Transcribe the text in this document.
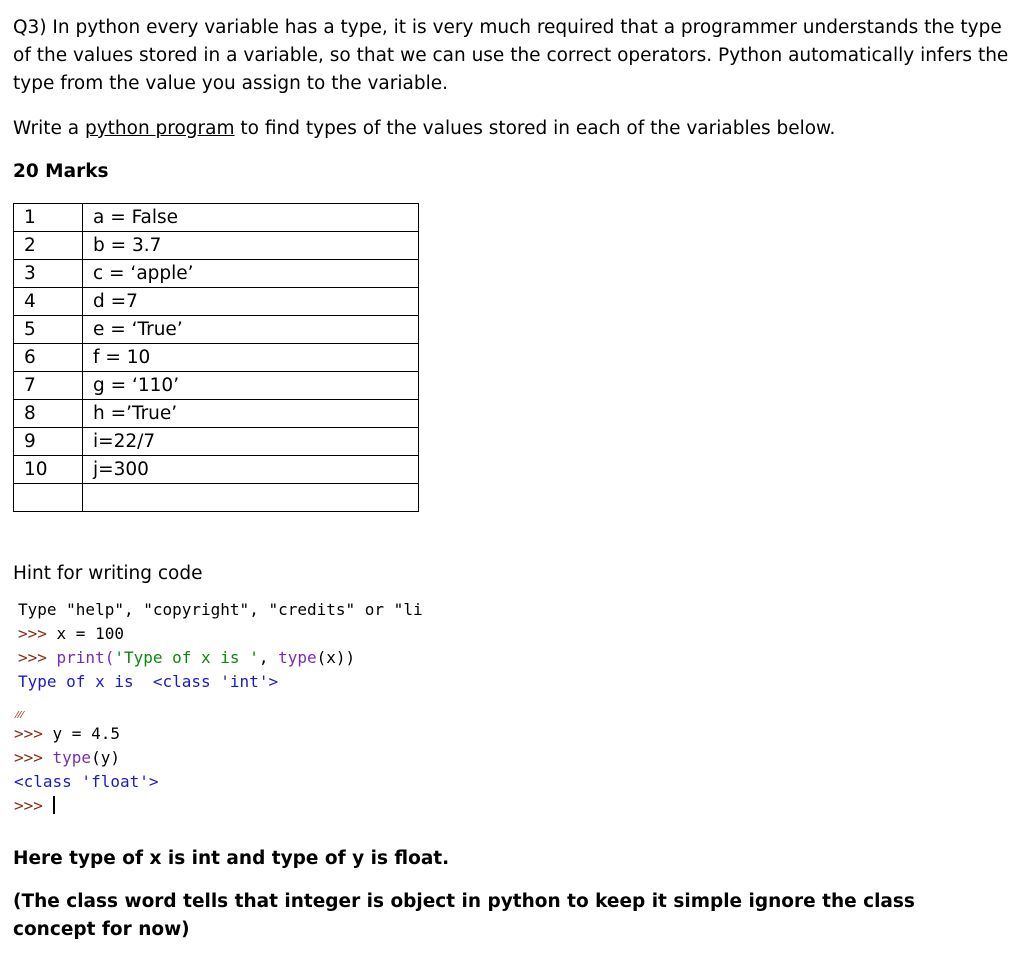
Q3) In python every variable has a type, it is very much required that a programmer understands the type of the values stored in a variable, so that we can use the correct operators. Python automatically infers the type from the value you assign to the variable.

Write a python program to find types of the values stored in each of the variables below.

20 Marks

1	a = False
2	b = 3.7
3	c = ‘apple’
4	d =7
5	e = ‘True’
6	f = 10
7	g = ‘110’
8	h =’True’
9	i=22/7
10	j=300

Hint for writing code

Type "help", "copyright", "credits" or "li
>>> x = 100
>>> print('Type of x is ', type(x))
Type of x is  <class 'int'>
⁄⁄⁄
>>> y = 4.5
>>> type(y)
<class 'float'>
>>>

Here type of x is int and type of y is float.

(The class word tells that integer is object in python to keep it simple ignore the class concept for now)
